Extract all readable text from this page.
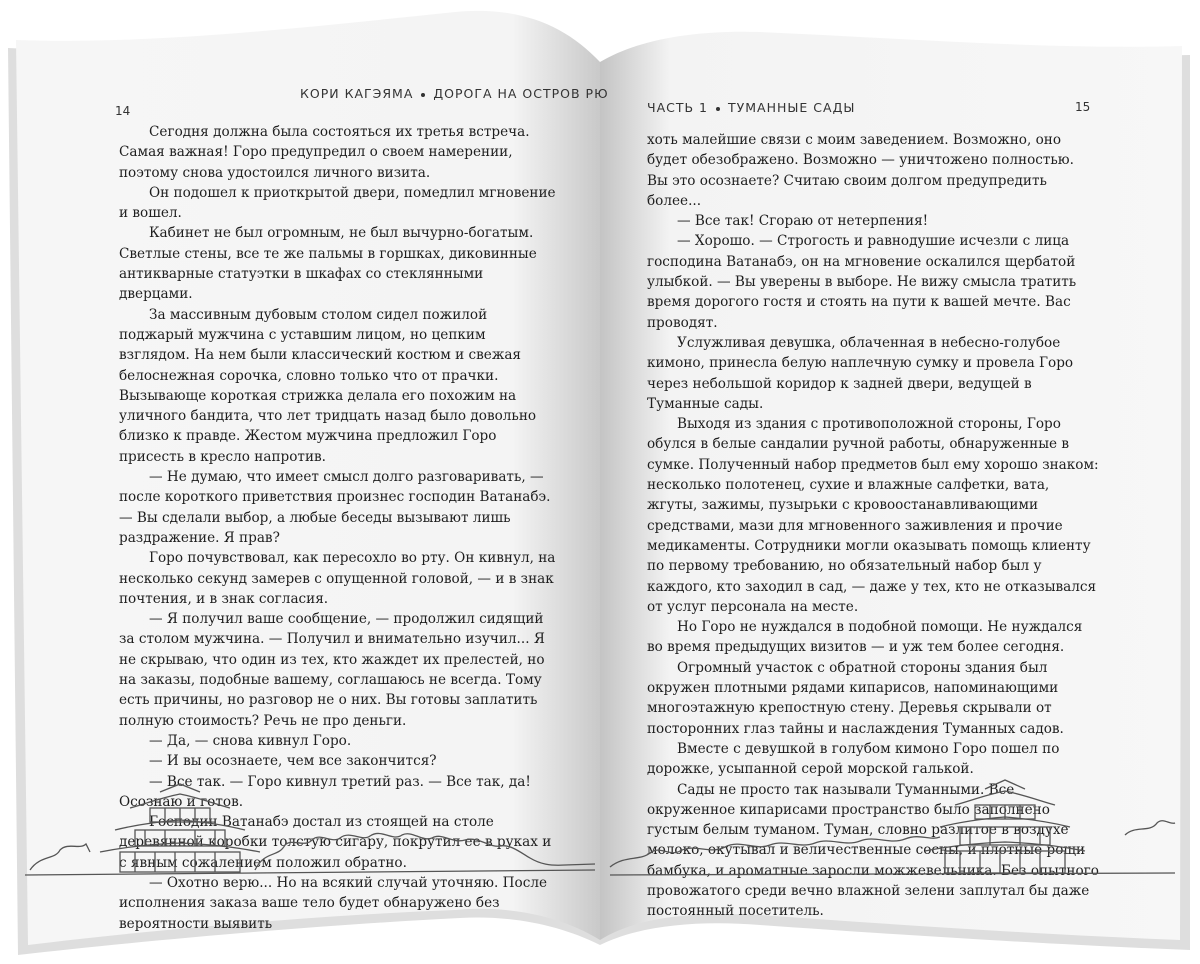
КОРИ КАГЭЯМА ДОРОГА НА ОСТРОВ РЮ
14

Сегодня должна была состояться их третья встреча. Самая важная! Горо предупредил о своем намерении, поэтому снова удостоился личного визита.

Он подошел к приоткрытой двери, помедлил мгновение и вошел.

Кабинет не был огромным, не был вычурно-богатым. Светлые стены, все те же пальмы в горшках, диковинные антикварные статуэтки в шкафах со стеклянными дверцами.

За массивным дубовым столом сидел пожилой поджарый мужчина с уставшим лицом, но цепким взглядом. На нем были классический костюм и свежая белоснежная сорочка, словно только что от прачки. Вызывающе короткая стрижка делала его похожим на уличного бандита, что лет тридцать назад было довольно близко к правде. Жестом мужчина предложил Горо присесть в кресло напротив.

— Не думаю, что имеет смысл долго разговаривать, — после короткого приветствия произнес господин Ватанабэ. — Вы сделали выбор, а любые беседы вызывают лишь раздражение. Я прав?

Горо почувствовал, как пересохло во рту. Он кивнул, на несколько секунд замерев с опущенной головой, — и в знак почтения, и в знак согласия.

— Я получил ваше сообщение, — продолжил сидящий за столом мужчина. — Получил и внимательно изучил... Я не скрываю, что один из тех, кто жаждет их прелестей, но на заказы, подобные вашему, соглашаюсь не всегда. Тому есть причины, но разговор не о них. Вы готовы заплатить полную стоимость? Речь не про деньги.

— Да, — снова кивнул Горо.

— И вы осознаете, чем все закончится?

— Все так. — Горо кивнул третий раз. — Все так, да! Осознаю и готов.

Господин Ватанабэ достал из стоящей на столе деревянной коробки толстую сигару, покрутил ее в руках и с явным сожалением положил обратно.

— Охотно верю... Но на всякий случай уточняю. После исполнения заказа ваше тело будет обнаружено без вероятности выявить

ЧАСТЬ 1 ТУМАННЫЕ САДЫ	15

хоть малейшие связи с моим заведением. Возможно, оно будет обезображено. Возможно — уничтожено полностью. Вы это осознаете? Считаю своим долгом предупредить более...

— Все так! Сгораю от нетерпения!

— Хорошо. — Строгость и равнодушие исчезли с лица господина Ватанабэ, он на мгновение оскалился щербатой улыбкой. — Вы уверены в выборе. Не вижу смысла тратить время дорогого гостя и стоять на пути к вашей мечте. Вас проводят.

Услужливая девушка, облаченная в небесно-голубое кимоно, принесла белую наплечную сумку и провела Горо через небольшой коридор к задней двери, ведущей в Туманные сады.

Выходя из здания с противоположной стороны, Горо обулся в белые сандалии ручной работы, обнаруженные в сумке. Полученный набор предметов был ему хорошо знаком: несколько полотенец, сухие и влажные салфетки, вата, жгуты, зажимы, пузырьки с кровоостанавливающими средствами, мази для мгновенного заживления и прочие медикаменты. Сотрудники могли оказывать помощь клиенту по первому требованию, но обязательный набор был у каждого, кто заходил в сад, — даже у тех, кто не отказывался от услуг персонала на месте.

Но Горо не нуждался в подобной помощи. Не нуждался во время предыдущих визитов — и уж тем более сегодня.

Огромный участок с обратной стороны здания был окружен плотными рядами кипарисов, напоминающими многоэтажную крепостную стену. Деревья скрывали от посторонних глаз тайны и наслаждения Туманных садов.

Вместе с девушкой в голубом кимоно Горо пошел по дорожке, усыпанной серой морской галькой.

Сады не просто так называли Туманными. Все окруженное кипарисами пространство было заполнено густым белым туманом. Туман, словно разлитое в воздухе молоко, окутывал и величественные сосны, и плотные рощи бамбука, и ароматные заросли можжевельника. Без опытного провожатого среди вечно влажной зелени заплутал бы даже постоянный посетитель.
